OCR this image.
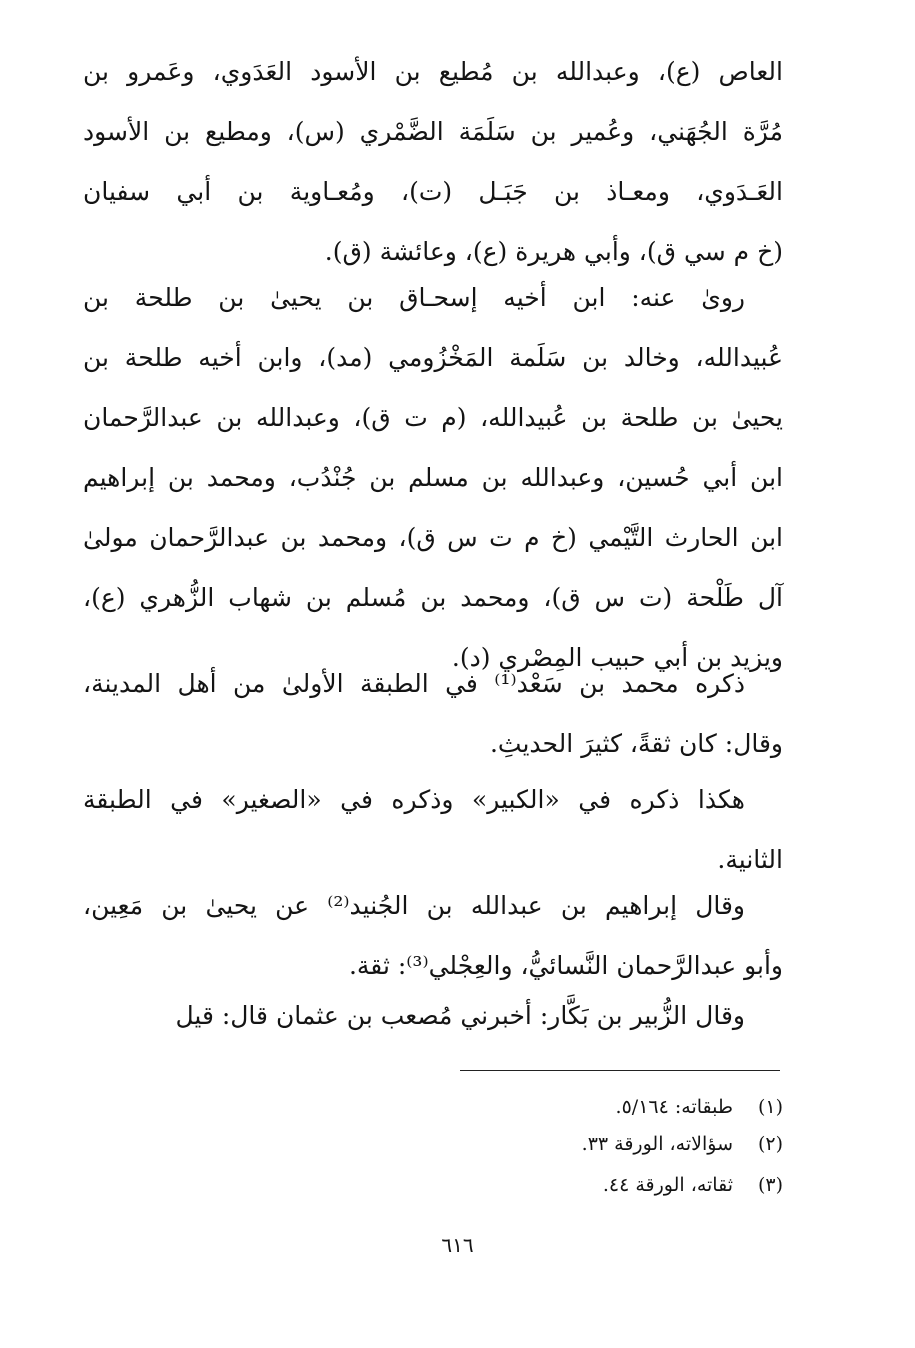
العاص (ع)، وعبدالله بن مُطيع بن الأسود العَدَوي، وعَمرو بن
مُرَّة الجُهَني، وعُمير بن سَلَمَة الضَّمْري (س)، ومطيع بن الأسود
العَـدَوي، ومعـاذ بن جَبَـل (ت)، ومُعـاوية بن أبي سفيان
(خ م سي ق)، وأبي هريرة (ع)، وعائشة (ق).
روىٰ عنه: ابن أخيه إسحـاق بن يحيىٰ بن طلحة بن
عُبيدالله، وخالد بن سَلَمة المَخْزُومي (مد)، وابن أخيه طلحة بن
يحيىٰ بن طلحة بن عُبيدالله، (م ت ق)، وعبدالله بن عبدالرَّحمان
ابن أبي حُسين، وعبدالله بن مسلم بن جُنْدُب، ومحمد بن إبراهيم
ابن الحارث التَّيْمي (خ م ت س ق)، ومحمد بن عبدالرَّحمان مولىٰ
آل طَلْحة (ت س ق)، ومحمد بن مُسلم بن شهاب الزُّهري (ع)،
ويزيد بن أبي حبيب المِصْري (د).
ذكره محمد بن سَعْد⁽¹⁾ في الطبقة الأولىٰ من أهل المدينة،
وقال: كان ثقةً، كثيرَ الحديثِ.
هكذا ذكره في «الكبير» وذكره في «الصغير» في الطبقة
الثانية.
وقال إبراهيم بن عبدالله بن الجُنيد⁽²⁾ عن يحيىٰ بن مَعِين،
وأبو عبدالرَّحمان النَّسائيُّ، والعِجْلي⁽³⁾: ثقة.
وقال الزُّبير بن بَكَّار: أخبرني مُصعب بن عثمان قال: قيل
(١)طبقاته: ٥/١٦٤.
(٢)سؤالاته، الورقة ٣٣.
(٣)ثقاته، الورقة ٤٤.
٦١٦
